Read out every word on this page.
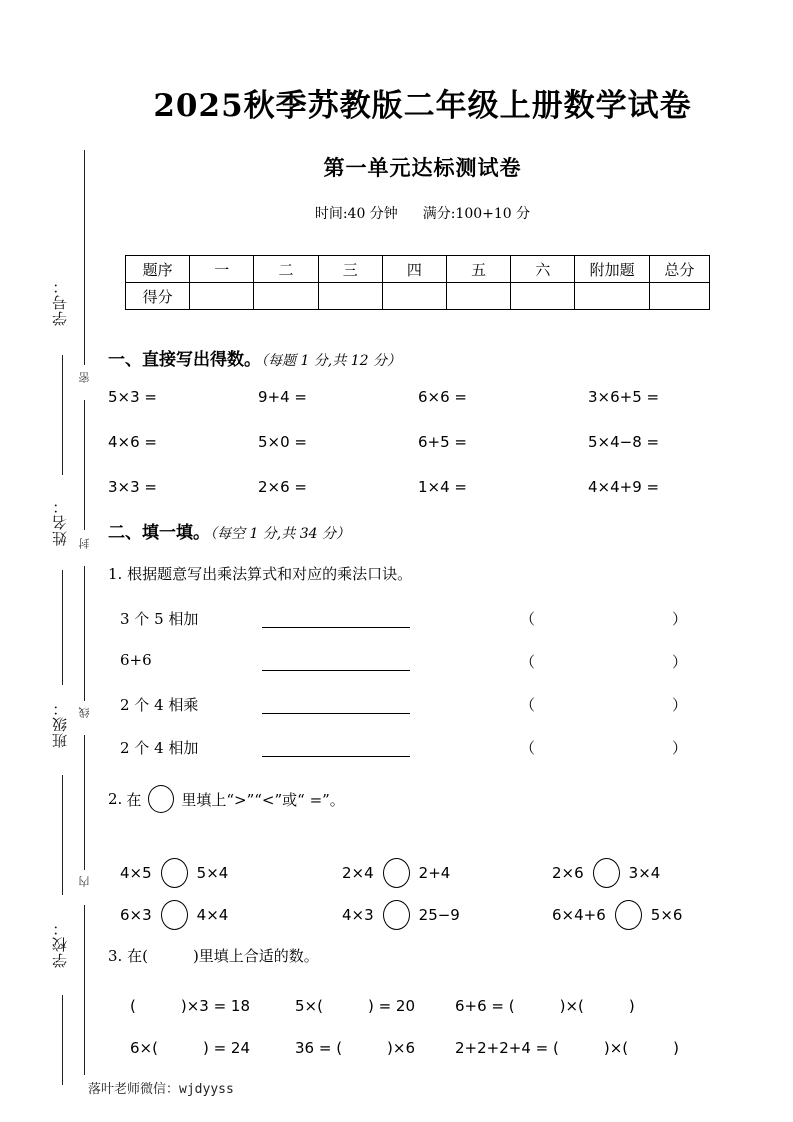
密
封
线
内
学号：
姓名：
班级：
学校：
2025秋季苏教版二年级上册数学试卷
第一单元达标测试卷
时间:40 分钟 满分:100+10 分
题序	一	二	三	四	五	六	附加题	总分
得分								
一、直接写出得数。（每题 1 分,共 12 分）
5×3 =	9+4 =	6×6 =	3×6+5 =
4×6 =	5×0 =	6+5 =	5×4−8 =
3×3 =	2×6 =	1×4 =	4×4+9 =
二、填一填。（每空 1 分,共 34 分）
1. 根据题意写出乘法算式和对应的乘法口诀。
3 个 5 相加	（	）
6+6	（	）
2 个 4 相乘	（	）
2 个 4 相加	（	）
2. 在	里填上“>”“<”或“ =”。
4×5	5×4	2×4	2+4	2×6	3×4
6×3	4×4	4×3	25−9	6×4+6	5×6
3. 在(　　　)里填上合适的数。
(　　　)×3 = 18	5×(　　　) = 20	6+6 = (　　　)×(　　　)
6×(　　　) = 24	36 = (　　　)×6	2+2+2+4 = (　　　)×(　　　)
落叶老师微信：wjdyyss
